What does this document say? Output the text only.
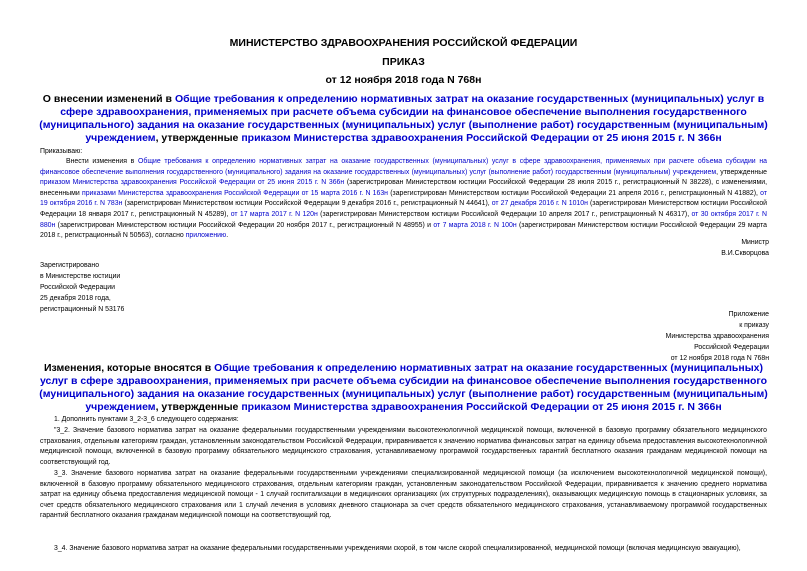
МИНИСТЕРСТВО ЗДРАВООХРАНЕНИЯ РОССИЙСКОЙ ФЕДЕРАЦИИ
ПРИКАЗ
от 12 ноября 2018 года N 768н
О внесении изменений в Общие требования к определению нормативных затрат на оказание государственных (муниципальных) услуг в сфере здравоохранения, применяемых при расчете объема субсидии на финансовое обеспечение выполнения государственного (муниципального) задания на оказание государственных (муниципальных) услуг (выполнение работ) государственным (муниципальным) учреждением, утвержденные приказом Министерства здравоохранения Российской Федерации от 25 июня 2015 г. N 366н
Приказываю:
Внести изменения в Общие требования к определению нормативных затрат на оказание государственных (муниципальных) услуг в сфере здравоохранения, применяемых при расчете объема субсидии на финансовое обеспечение выполнения государственного (муниципального) задания на оказание государственных (муниципальных) услуг (выполнение работ) государственным (муниципальным) учреждением, утвержденные приказом Министерства здравоохранения Российской Федерации от 25 июня 2015 г. N 366н (зарегистрирован Министерством юстиции Российской Федерации 28 июля 2015 г., регистрационный N 38228), с изменениями, внесенными приказами Министерства здравоохранения Российской Федерации от 15 марта 2016 г. N 163н (зарегистрирован Министерством юстиции Российской Федерации 21 апреля 2016 г., регистрационный N 41882), от 19 октября 2016 г. N 783н (зарегистрирован Министерством юстиции Российской Федерации 9 декабря 2016 г., регистрационный N 44641), от 27 декабря 2016 г. N 1010н (зарегистрирован Министерством юстиции Российской Федерации 18 января 2017 г., регистрационный N 45289), от 17 марта 2017 г. N 120н (зарегистрирован Министерством юстиции Российской Федерации 10 апреля 2017 г., регистрационный N 46317), от 30 октября 2017 г. N 880н (зарегистрирован Министерством юстиции Российской Федерации 20 ноября 2017 г., регистрационный N 48955) и от 7 марта 2018 г. N 100н (зарегистрирован Министерством юстиции Российской Федерации 29 марта 2018 г., регистрационный N 50563), согласно приложению.
Министр
В.И.Скворцова
Зарегистрировано
в Министерстве юстиции
Российской Федерации
25 декабря 2018 года,
регистрационный N 53176
Приложение
к приказу
Министерства здравоохранения
Российской Федерации
от 12 ноября 2018 года N 768н
Изменения, которые вносятся в Общие требования к определению нормативных затрат на оказание государственных (муниципальных) услуг в сфере здравоохранения, применяемых при расчете объема субсидии на финансовое обеспечение выполнения государственного (муниципального) задания на оказание государственных (муниципальных) услуг (выполнение работ) государственным (муниципальным) учреждением, утвержденные приказом Министерства здравоохранения Российской Федерации от 25 июня 2015 г. N 366н
1. Дополнить пунктами 3_2-3_6 следующего содержания:
"3_2. Значение базового норматива затрат на оказание федеральными государственными учреждениями высокотехнологичной медицинской помощи, включенной в базовую программу обязательного медицинского страхования, отдельным категориям граждан, установленным законодательством Российской Федерации, приравнивается к значению норматива финансовых затрат на единицу объема предоставления высокотехнологичной медицинской помощи, включенной в базовую программу обязательного медицинского страхования, устанавливаемому программой государственных гарантий бесплатного оказания гражданам медицинской помощи на соответствующий год.
3_3. Значение базового норматива затрат на оказание федеральными государственными учреждениями специализированной медицинской помощи (за исключением высокотехнологичной медицинской помощи), включенной в базовую программу обязательного медицинского страхования, отдельным категориям граждан, установленным законодательством Российской Федерации, приравнивается к значению среднего норматива затрат на единицу объема предоставления медицинской помощи - 1 случай госпитализации в медицинских организациях (их структурных подразделениях), оказывающих медицинскую помощь в стационарных условиях, за счет средств обязательного медицинского страхования или 1 случай лечения в условиях дневного стационара за счет средств обязательного медицинского страхования, устанавливаемому программой государственных гарантий бесплатного оказания гражданам медицинской помощи на соответствующий год.
3_4. Значение базового норматива затрат на оказание федеральными государственными учреждениями скорой, в том числе скорой специализированной, медицинской помощи (включая медицинскую эвакуацию),
